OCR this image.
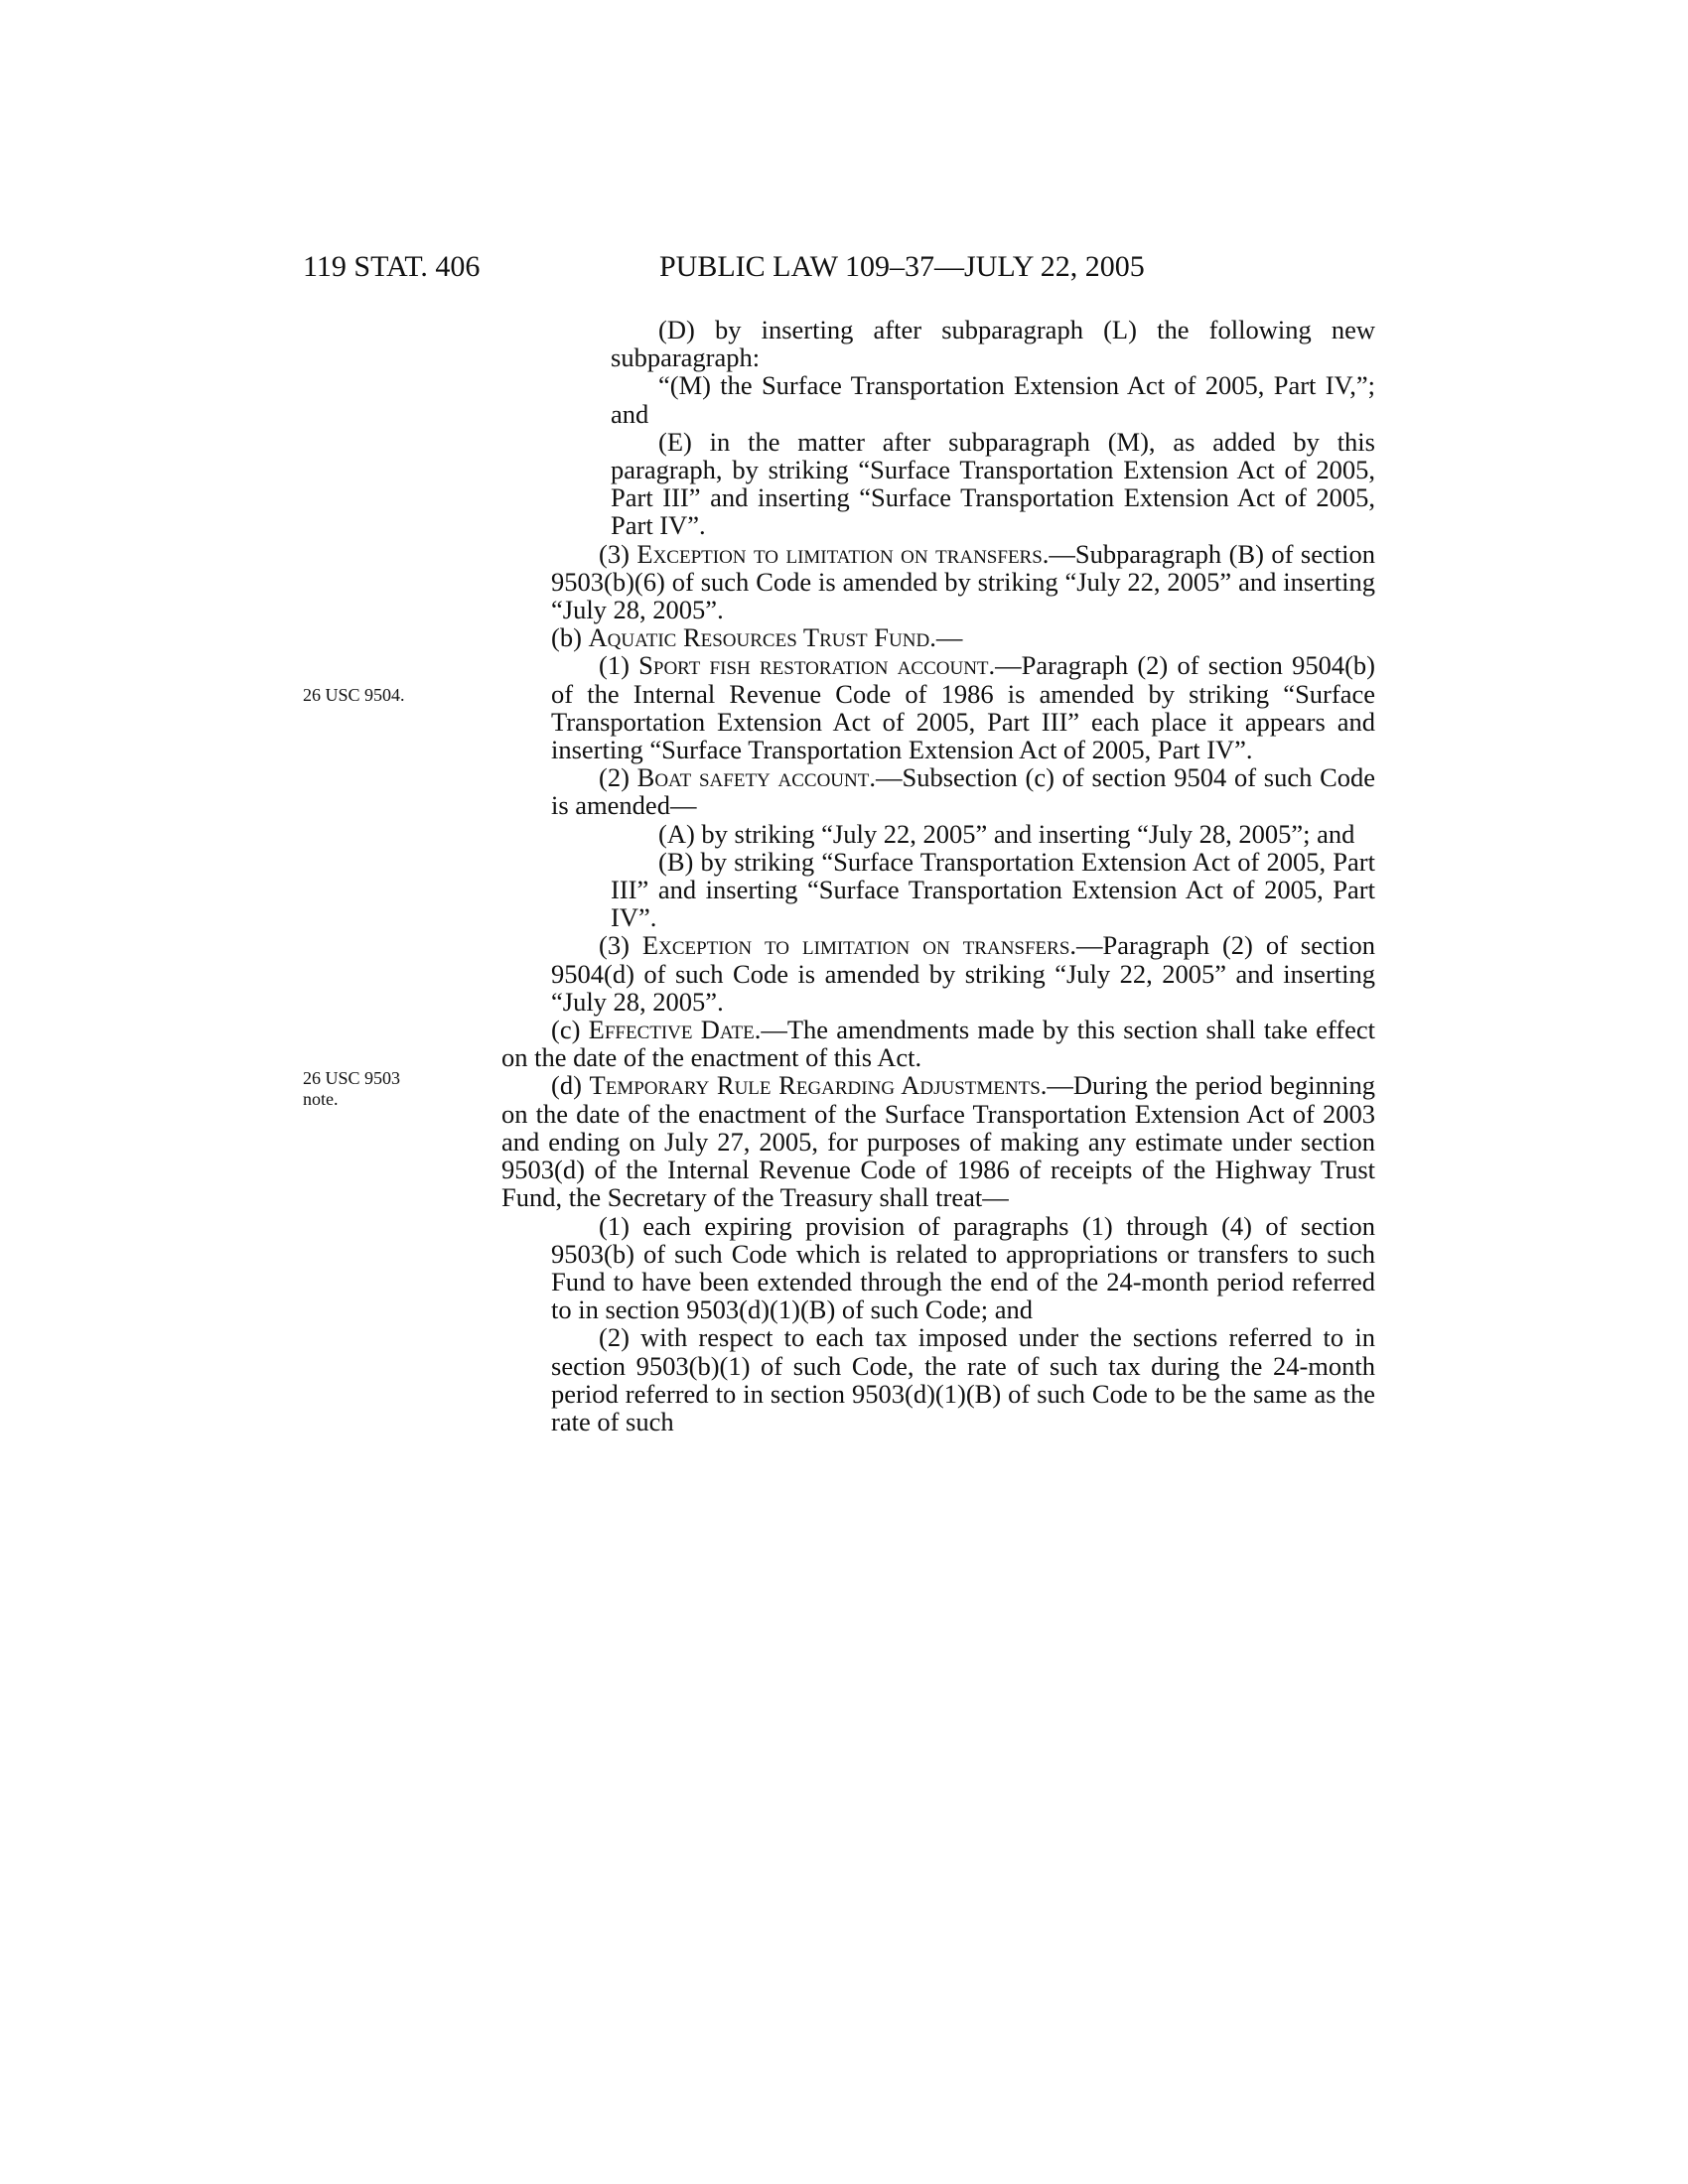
119 STAT. 406	PUBLIC LAW 109–37—JULY 22, 2005
26 USC 9504.
26 USC 9503
note.

(D) by inserting after subparagraph (L) the following new subparagraph:

“(M) the Surface Transportation Extension Act of 2005, Part IV,”; and

(E) in the matter after subparagraph (M), as added by this paragraph, by striking “Surface Transportation Extension Act of 2005, Part III” and inserting “Surface Transportation Extension Act of 2005, Part IV”.

(3) Exception to limitation on transfers.—Subparagraph (B) of section 9503(b)(6) of such Code is amended by striking “July 22, 2005” and inserting “July 28, 2005”.

(b) Aquatic Resources Trust Fund.—

(1) Sport fish restoration account.—Paragraph (2) of section 9504(b) of the Internal Revenue Code of 1986 is amended by striking “Surface Transportation Extension Act of 2005, Part III” each place it appears and inserting “Surface Transportation Extension Act of 2005, Part IV”.

(2) Boat safety account.—Subsection (c) of section 9504 of such Code is amended—

(A) by striking “July 22, 2005” and inserting “July 28, 2005”; and

(B) by striking “Surface Transportation Extension Act of 2005, Part III” and inserting “Surface Transportation Extension Act of 2005, Part IV”.

(3) Exception to limitation on transfers.—Paragraph (2) of section 9504(d) of such Code is amended by striking “July 22, 2005” and inserting “July 28, 2005”.

(c) Effective Date.—The amendments made by this section shall take effect on the date of the enactment of this Act.

(d) Temporary Rule Regarding Adjustments.—During the period beginning on the date of the enactment of the Surface Transportation Extension Act of 2003 and ending on July 27, 2005, for purposes of making any estimate under section 9503(d) of the Internal Revenue Code of 1986 of receipts of the Highway Trust Fund, the Secretary of the Treasury shall treat—

(1) each expiring provision of paragraphs (1) through (4) of section 9503(b) of such Code which is related to appropriations or transfers to such Fund to have been extended through the end of the 24-month period referred to in section 9503(d)(1)(B) of such Code; and

(2) with respect to each tax imposed under the sections referred to in section 9503(b)(1) of such Code, the rate of such tax during the 24-month period referred to in section 9503(d)(1)(B) of such Code to be the same as the rate of such
